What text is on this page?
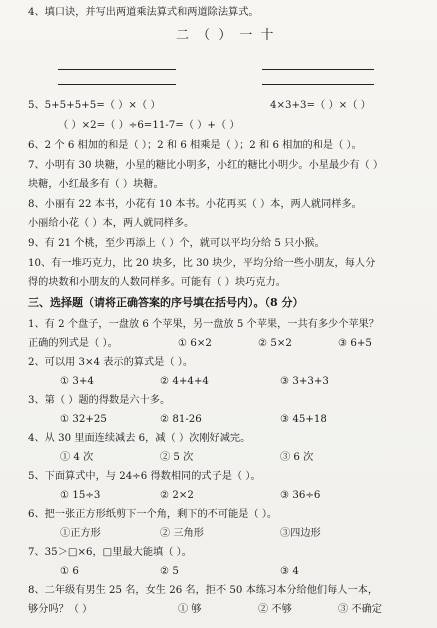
4、填口诀，并写出两道乘法算式和两道除法算式。
二 （ ） 一 十
5、5+5+5+5=（ ）×（ ）	4×3+3=（ ）×（ ）
（ ）×2=（ ）÷6=11-7=（ ）+（ ）
6、2 个 6 相加的和是（ ）；2 和 6 相乘是（ ）；2 和 6 相加的和是（ ）。
7、小明有 30 块糖，小星的糖比小明多，小红的糖比小明少。小星最少有（ ）
块糖，小红最多有（ ）块糖。
8、小丽有 22 本书，小花有 10 本书。小花再买（ ）本，两人就同样多。
小丽给小花（ ）本，两人就同样多。
9、有 21 个桃，至少再添上（ ）个，就可以平均分给 5 只小猴。
10、有一堆巧克力，比 20 块多，比 30 块少，平均分给一些小朋友，每人分
得的块数和小朋友的人数同样多。可能有（ ）块巧克力。
三、选择题（请将正确答案的序号填在括号内）。（8 分）
1、有 2 个盘子，一盘放 6 个苹果，另一盘放 5 个苹果，一共有多少个苹果？
正确的列式是（ ）。	① 6×2	② 5×2	③ 6+5
2、可以用 3×4 表示的算式是（ ）。
① 3+4	② 4+4+4	③ 3+3+3
3、第（ ）题的得数是六十多。
① 32+25	② 81-26	③ 45+18
4、从 30 里面连续减去 6，减（ ）次刚好减完。
① 4 次	② 5 次	③ 6 次
5、下面算式中，与 24÷6 得数相同的式子是（ ）。
① 15÷3	② 2×2	③ 36÷6
6、把一张正方形纸剪下一个角，剩下的不可能是（ ）。
①正方形	② 三角形	③四边形
7、35＞□×6，□里最大能填（ ）。
① 6	② 5	③ 4
8、二年级有男生 25 名，女生 26 名，拒不 50 本练习本分给他们每人一本，
够分吗？（ ）	① 够	② 不够	③ 不确定
